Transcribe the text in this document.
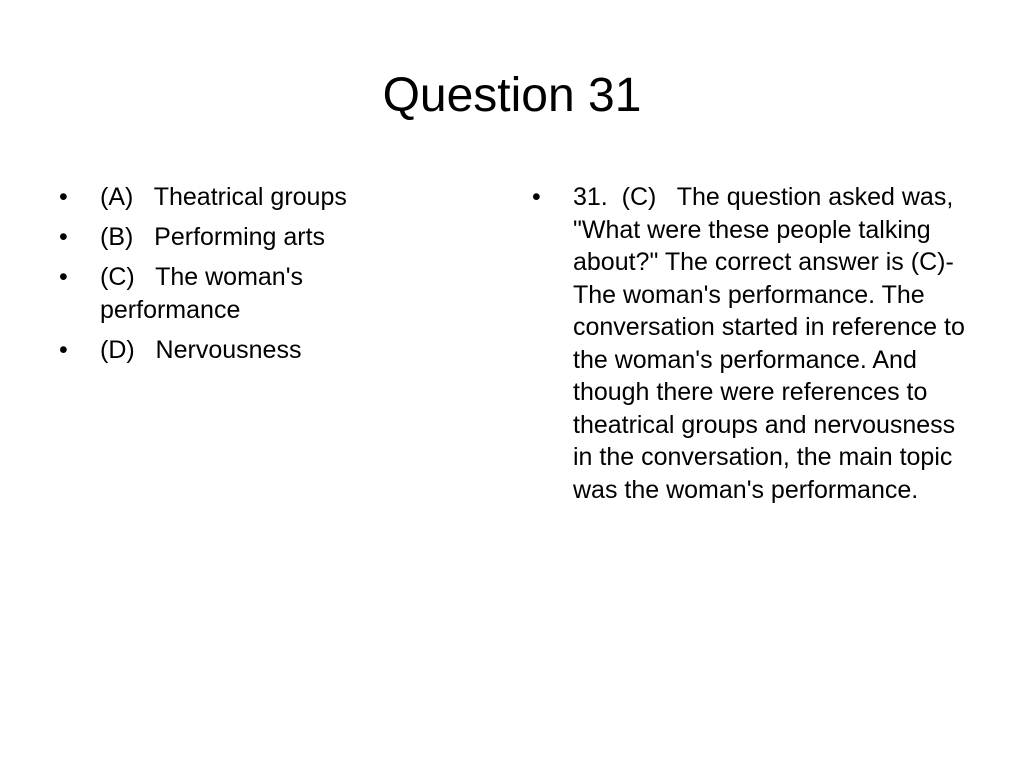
Question 31
• (A)   Theatrical groups
• (B)   Performing arts
• (C)   The woman's performance
• (D)   Nervousness
• 31.  (C)   The question asked was, "What were these people talking about?" The correct answer is (C)-The woman's performance. The conversation started in reference to the woman's performance. And  though there were references to theatrical groups and nervousness in the conversation, the main topic was the woman's performance.
